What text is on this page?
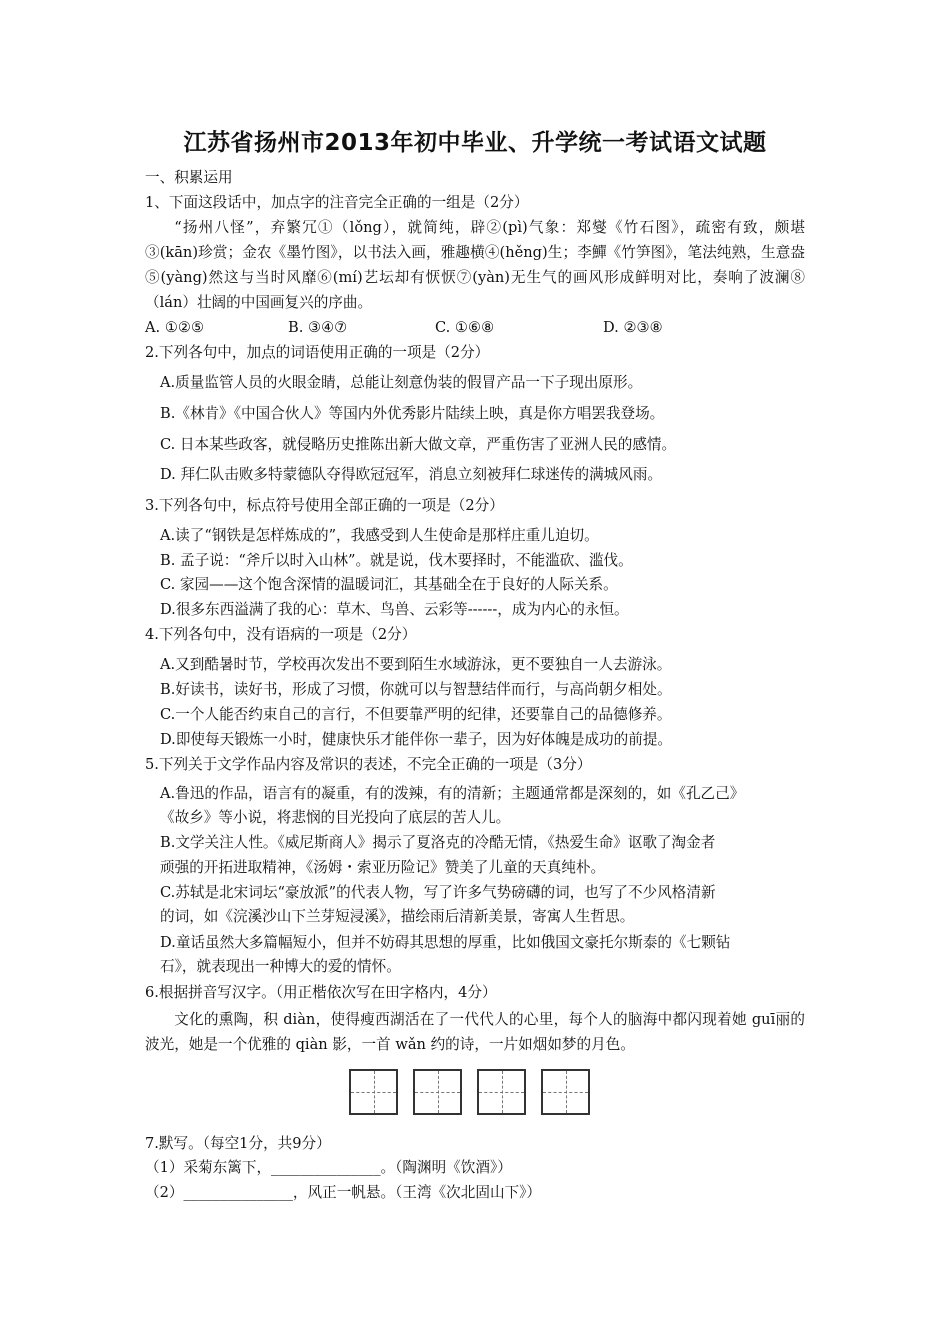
江苏省扬州市2013年初中毕业、升学统一考试语文试题
一、积累运用
1、下面这段话中，加点字的注音完全正确的一组是（2分）
“扬州八怪”，弃繁冗①（lǒng），就简纯，辟②(pì)气象：郑燮《竹石图》，疏密有致，颇堪③(kān)珍赏；金农《墨竹图》，以书法入画，雅趣横④(hěng)生；李鱓《竹笋图》，笔法纯熟，生意盎⑤(yàng)然这与当时风靡⑥(mí)艺坛却有恹恹⑦(yàn)无生气的画风形成鲜明对比，奏响了波澜⑧（lán）壮阔的中国画复兴的序曲。
A. ①②⑤	B. ③④⑦	C. ①⑥⑧	D. ②③⑧
2.下列各句中，加点的词语使用正确的一项是（2分）
A.质量监管人员的火眼金睛，总能让刻意伪装的假冒产品一下子现出原形。
B.《林肯》《中国合伙人》等国内外优秀影片陆续上映，真是你方唱罢我登场。
C. 日本某些政客，就侵略历史推陈出新大做文章，严重伤害了亚洲人民的感情。
D. 拜仁队击败多特蒙德队夺得欧冠冠军，消息立刻被拜仁球迷传的满城风雨。
3.下列各句中，标点符号使用全部正确的一项是（2分）
A.读了“钢铁是怎样炼成的”，我感受到人生使命是那样庄重儿迫切。
B. 孟子说：“斧斤以时入山林”。就是说，伐木要择时，不能滥砍、滥伐。
C. 家园——这个饱含深情的温暖词汇，其基础全在于良好的人际关系。
D.很多东西溢满了我的心：草木、鸟兽、云彩等------，成为内心的永恒。
4.下列各句中，没有语病的一项是（2分）
A.又到酷暑时节，学校再次发出不要到陌生水域游泳，更不要独自一人去游泳。
B.好读书，读好书，形成了习惯，你就可以与智慧结伴而行，与高尚朝夕相处。
C.一个人能否约束自己的言行，不但要靠严明的纪律，还要靠自己的品德修养。
D.即使每天锻炼一小时，健康快乐才能伴你一辈子，因为好体魄是成功的前提。
5.下列关于文学作品内容及常识的表述，不完全正确的一项是（3分）
A.鲁迅的作品，语言有的凝重，有的泼辣，有的清新；主题通常都是深刻的，如《孔乙己》
《故乡》等小说，将悲悯的目光投向了底层的苦人儿。
B.文学关注人性。《威尼斯商人》揭示了夏洛克的冷酷无情，《热爱生命》讴歌了淘金者
顽强的开拓进取精神，《汤姆・索亚历险记》赞美了儿童的天真纯朴。
C.苏轼是北宋词坛“豪放派”的代表人物，写了许多气势磅礴的词，也写了不少风格清新
的词，如《浣溪沙山下兰芽短浸溪》，描绘雨后清新美景，寄寓人生哲思。
D.童话虽然大多篇幅短小，但并不妨碍其思想的厚重，比如俄国文豪托尔斯泰的《七颗钻
石》，就表现出一种博大的爱的情怀。
6.根据拼音写汉字。（用正楷依次写在田字格内，4分）
文化的熏陶，积 diàn，使得瘦西湖活在了一代代人的心里，每个人的脑海中都闪现着她 guī丽的波光，她是一个优雅的 qiàn 影，一首 wǎn 约的诗，一片如烟如梦的月色。
7.默写。（每空1分，共9分）
（1）采菊东篱下，_______________。（陶渊明《饮酒》）
（2）_______________，风正一帆悬。（王湾《次北固山下》）
